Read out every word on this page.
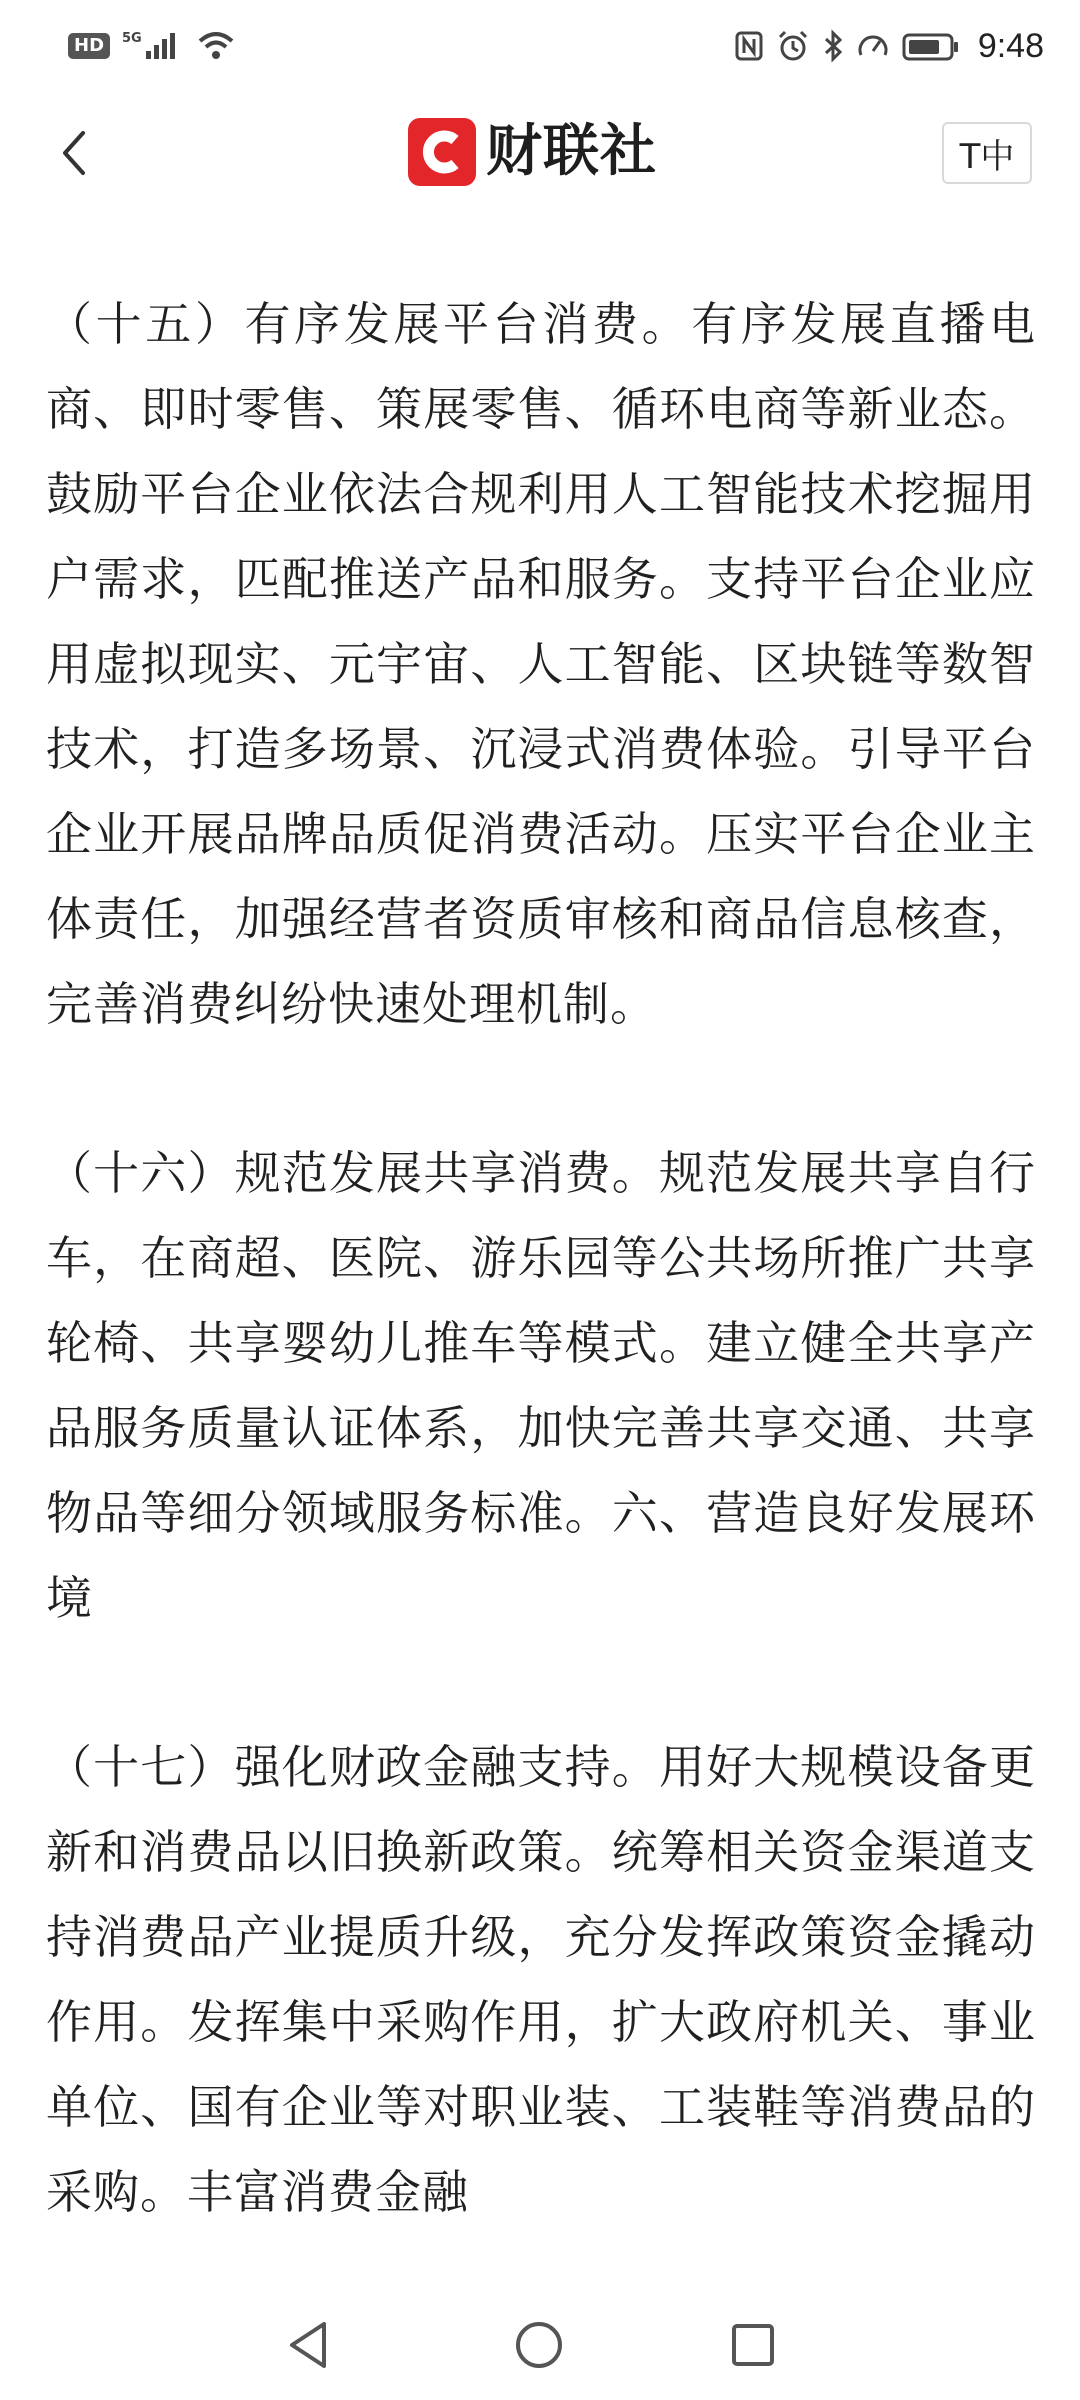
HD	5G	9:48
财联社	T中

（十五）有序发展平台消费。有序发展直播电商、即时零售、策展零售、循环电商等新业态。鼓励平台企业依法合规利用人工智能技术挖掘用户需求，匹配推送产品和服务。支持平台企业应用虚拟现实、元宇宙、人工智能、区块链等数智技术，打造多场景、沉浸式消费体验。引导平台企业开展品牌品质促消费活动。压实平台企业主体责任，加强经营者资质审核和商品信息核查，完善消费纠纷快速处理机制。

（十六）规范发展共享消费。规范发展共享自行车，在商超、医院、游乐园等公共场所推广共享轮椅、共享婴幼儿推车等模式。建立健全共享产品服务质量认证体系，加快完善共享交通、共享物品等细分领域服务标准。六、营造良好发展环境

（十七）强化财政金融支持。用好大规模设备更新和消费品以旧换新政策。统筹相关资金渠道支持消费品产业提质升级，充分发挥政策资金撬动作用。发挥集中采购作用，扩大政府机关、事业单位、国有企业等对职业装、工装鞋等消费品的采购。丰富消费金融
